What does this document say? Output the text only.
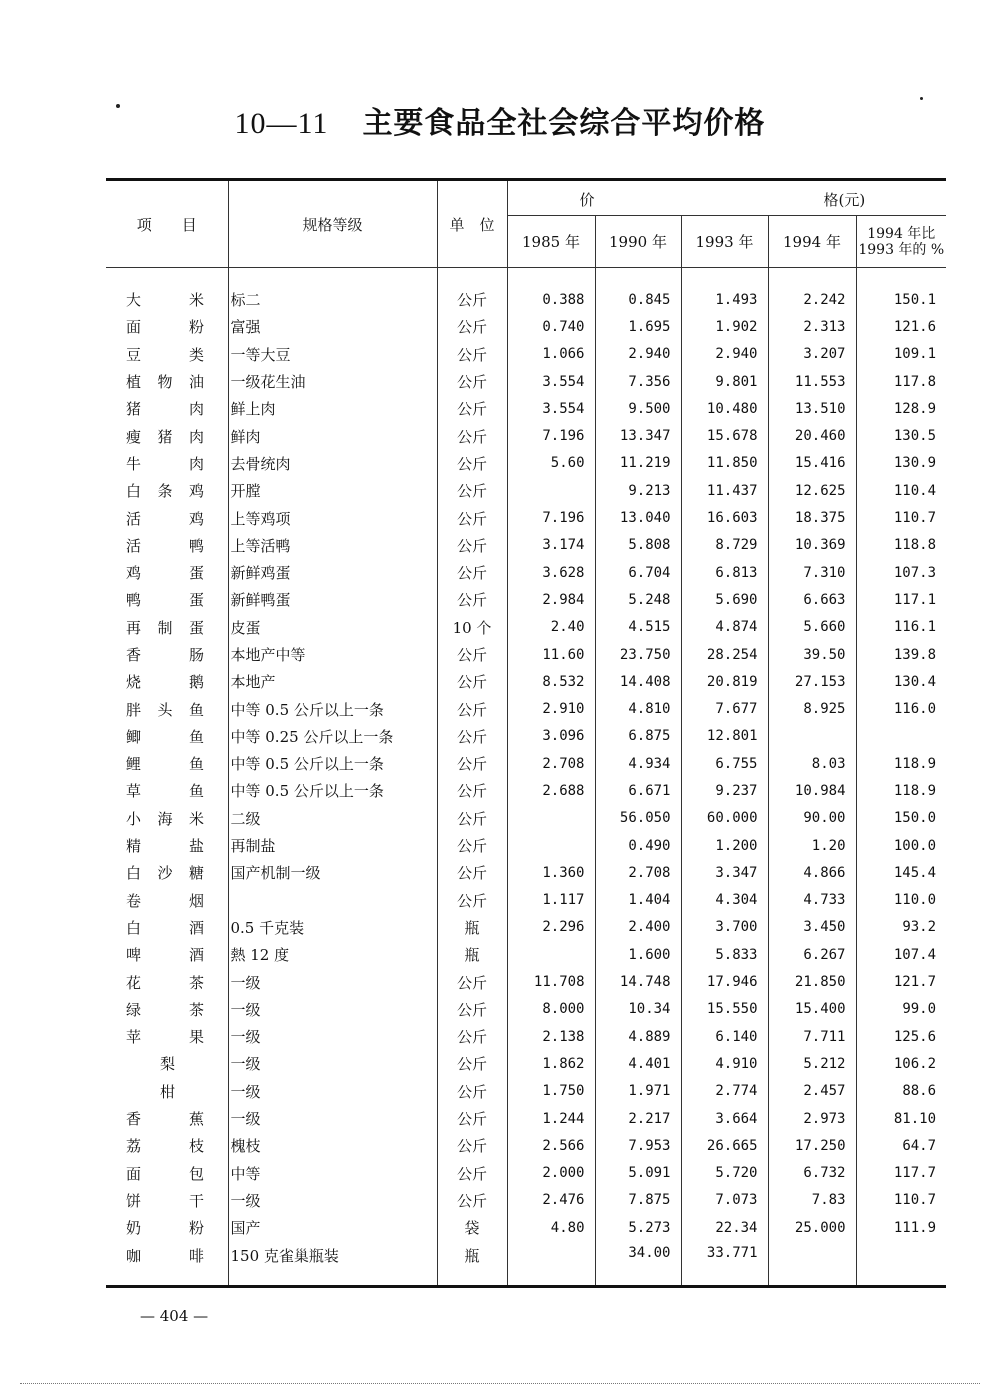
10—11 主要食品全社会综合平均价格
项　　目	规格等级	单　位	价 格(元)				

			1985 年	1990 年	1993 年	1994 年	1994 年比 1993 年的 %

大 米	标二	公斤	0.388	0.845	1.493	2.242	150.1

面 粉	富强	公斤	0.740	1.695	1.902	2.313	121.6

豆 类	一等大豆	公斤	1.066	2.940	2.940	3.207	109.1

植 物 油	一级花生油	公斤	3.554	7.356	9.801	11.553	117.8

猪 肉	鲜上肉	公斤	3.554	9.500	10.480	13.510	128.9

瘦 猪 肉	鲜肉	公斤	7.196	13.347	15.678	20.460	130.5

牛 肉	去骨统肉	公斤	5.60	11.219	11.850	15.416	130.9

白 条 鸡	开膛	公斤		9.213	11.437	12.625	110.4

活 鸡	上等鸡项	公斤	7.196	13.040	16.603	18.375	110.7

活 鸭	上等活鸭	公斤	3.174	5.808	8.729	10.369	118.8

鸡 蛋	新鲜鸡蛋	公斤	3.628	6.704	6.813	7.310	107.3

鸭 蛋	新鲜鸭蛋	公斤	2.984	5.248	5.690	6.663	117.1

再 制 蛋	皮蛋	10 个	2.40	4.515	4.874	5.660	116.1

香 肠	本地产中等	公斤	11.60	23.750	28.254	39.50	139.8

烧 鹅	本地产	公斤	8.532	14.408	20.819	27.153	130.4

胖 头 鱼	中等 0.5 公斤以上一条	公斤	2.910	4.810	7.677	8.925	116.0

鲫 鱼	中等 0.25 公斤以上一条	公斤	3.096	6.875	12.801		

鲤 鱼	中等 0.5 公斤以上一条	公斤	2.708	4.934	6.755	8.03	118.9

草 鱼	中等 0.5 公斤以上一条	公斤	2.688	6.671	9.237	10.984	118.9

小 海 米	二级	公斤		56.050	60.000	90.00	150.0

精 盐	再制盐	公斤		0.490	1.200	1.20	100.0

白 沙 糖	国产机制一级	公斤	1.360	2.708	3.347	4.866	145.4

卷 烟		公斤	1.117	1.404	4.304	4.733	110.0

白 酒	0.5 千克装	瓶	2.296	2.400	3.700	3.450	93.2

啤 酒	熱 12 度	瓶		1.600	5.833	6.267	107.4

花 茶	一级	公斤	11.708	14.748	17.946	21.850	121.7

绿 茶	一级	公斤	8.000	10.34	15.550	15.400	99.0

苹 果	一级	公斤	2.138	4.889	6.140	7.711	125.6

梨	一级	公斤	1.862	4.401	4.910	5.212	106.2

柑	一级	公斤	1.750	1.971	2.774	2.457	88.6

香 蕉	一级	公斤	1.244	2.217	3.664	2.973	81.10

荔 枝	槐枝	公斤	2.566	7.953	26.665	17.250	64.7

面 包	中等	公斤	2.000	5.091	5.720	6.732	117.7

饼 干	一级	公斤	2.476	7.875	7.073	7.83	110.7

奶 粉	国产	袋	4.80	5.273	22.34	25.000	111.9

咖 啡	150 克雀巢瓶装	瓶		34.00	33.771		
— 404 —
